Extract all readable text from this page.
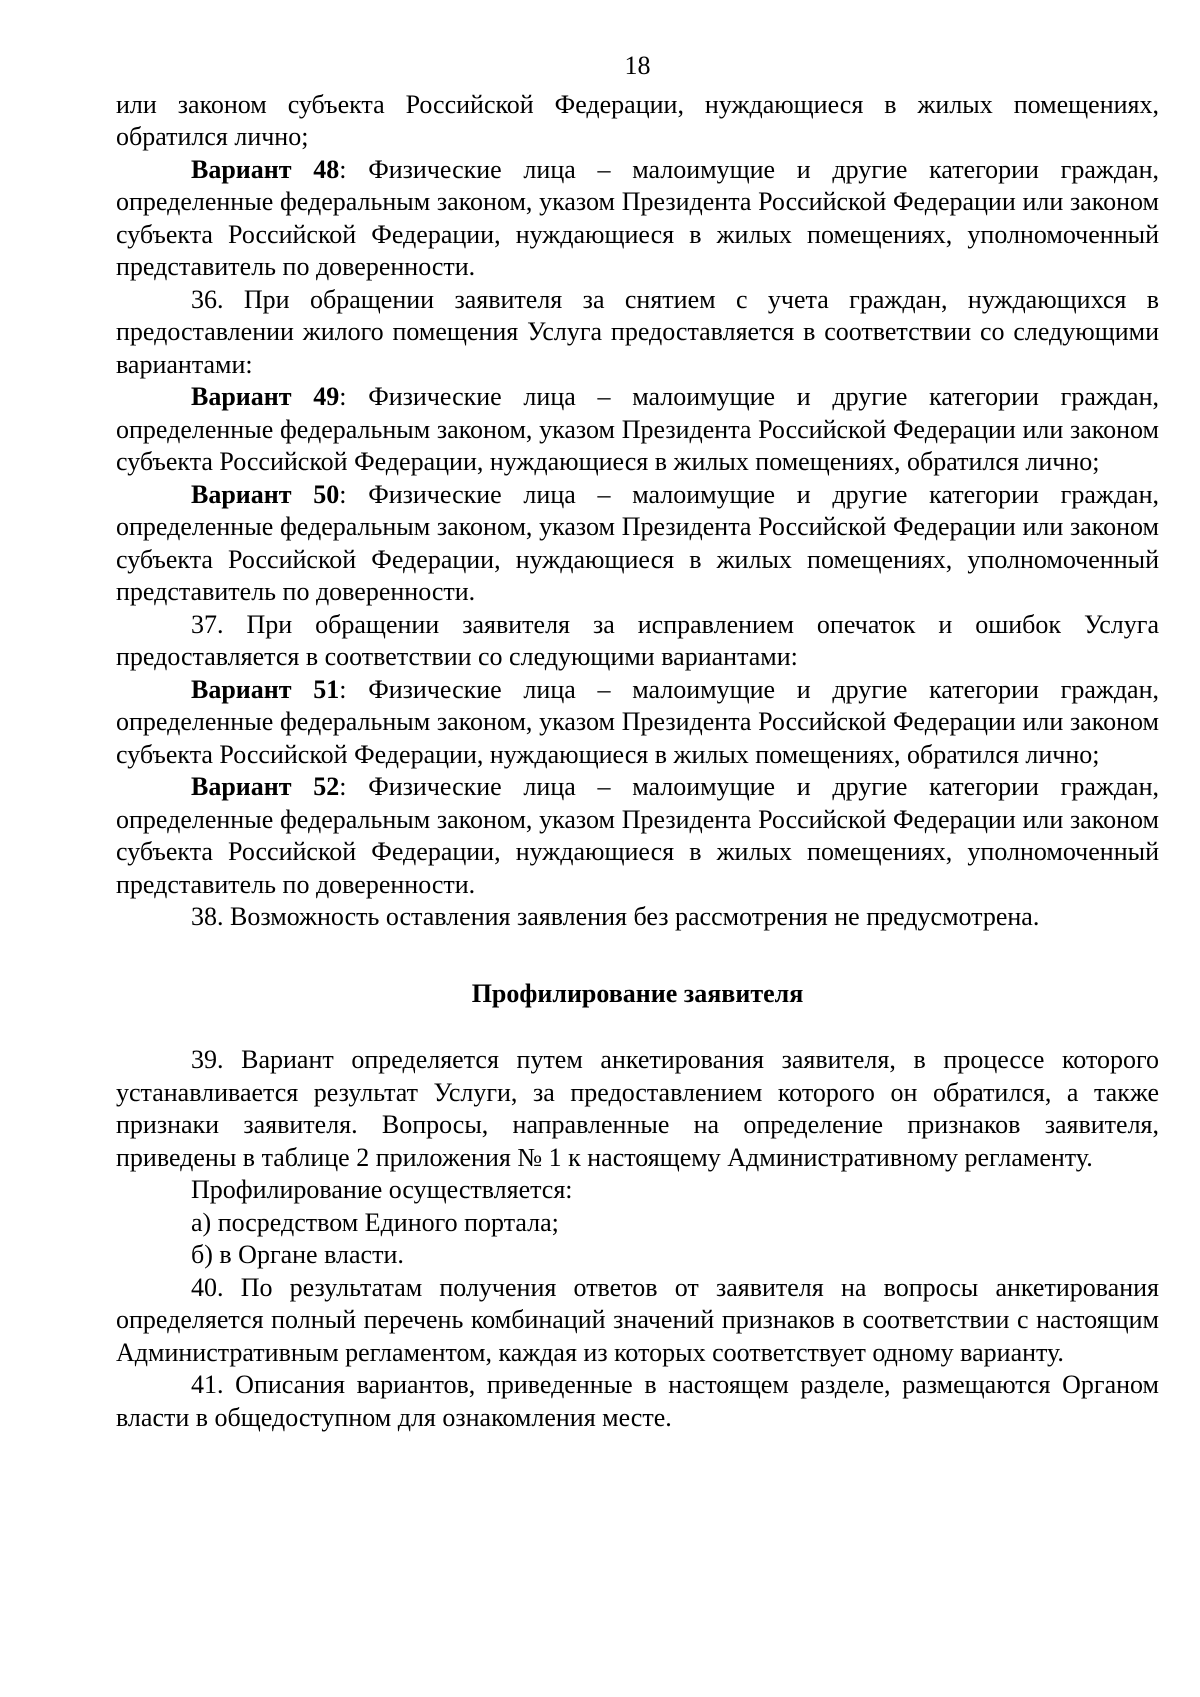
18

или законом субъекта Российской Федерации, нуждающиеся в жилых помещениях, обратился лично;

Вариант 48: Физические лица – малоимущие и другие категории граждан, определенные федеральным законом, указом Президента Российской Федерации или законом субъекта Российской Федерации, нуждающиеся в жилых помещениях, уполномоченный представитель по доверенности.

36. При обращении заявителя за снятием с учета граждан, нуждающихся в предоставлении жилого помещения Услуга предоставляется в соответствии со следующими вариантами:

Вариант 49: Физические лица – малоимущие и другие категории граждан, определенные федеральным законом, указом Президента Российской Федерации или законом субъекта Российской Федерации, нуждающиеся в жилых помещениях, обратился лично;

Вариант 50: Физические лица – малоимущие и другие категории граждан, определенные федеральным законом, указом Президента Российской Федерации или законом субъекта Российской Федерации, нуждающиеся в жилых помещениях, уполномоченный представитель по доверенности.

37. При обращении заявителя за исправлением опечаток и ошибок Услуга предоставляется в соответствии со следующими вариантами:

Вариант 51: Физические лица – малоимущие и другие категории граждан, определенные федеральным законом, указом Президента Российской Федерации или законом субъекта Российской Федерации, нуждающиеся в жилых помещениях, обратился лично;

Вариант 52: Физические лица – малоимущие и другие категории граждан, определенные федеральным законом, указом Президента Российской Федерации или законом субъекта Российской Федерации, нуждающиеся в жилых помещениях, уполномоченный представитель по доверенности.

38. Возможность оставления заявления без рассмотрения не предусмотрена.

Профилирование заявителя

39. Вариант определяется путем анкетирования заявителя, в процессе которого устанавливается результат Услуги, за предоставлением которого он обратился, а также признаки заявителя. Вопросы, направленные на определение признаков заявителя, приведены в таблице 2 приложения № 1 к настоящему Административному регламенту.

Профилирование осуществляется:

а) посредством Единого портала;

б) в Органе власти.

40. По результатам получения ответов от заявителя на вопросы анкетирования определяется полный перечень комбинаций значений признаков в соответствии с настоящим Административным регламентом, каждая из которых соответствует одному варианту.

41. Описания вариантов, приведенные в настоящем разделе, размещаются Органом власти в общедоступном для ознакомления месте.
